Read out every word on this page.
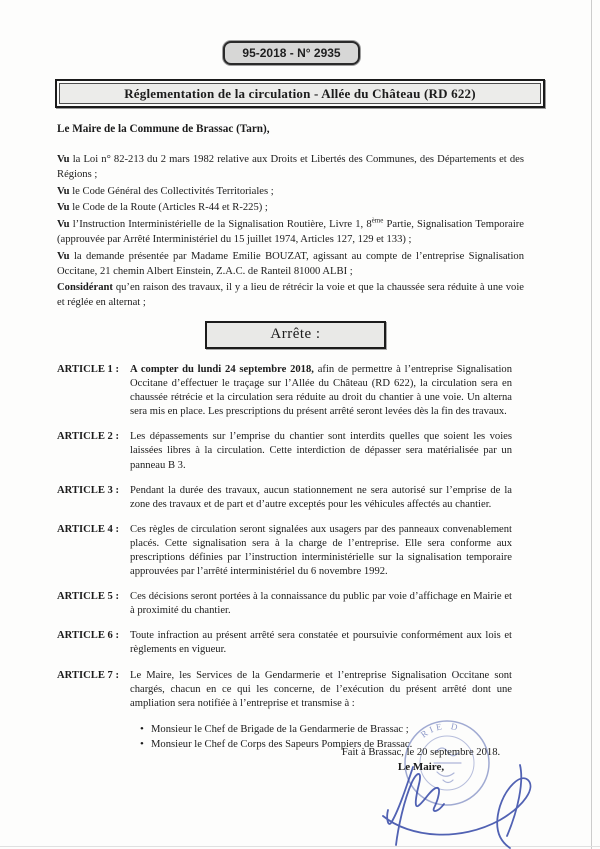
95-2018 - N° 2935
Réglementation de la circulation - Allée du Château (RD 622)

Le Maire de la Commune de Brassac (Tarn),

Vu la Loi n° 82-213 du 2 mars 1982 relative aux Droits et Libertés des Communes, des Départements et des Régions ;

Vu le Code Général des Collectivités Territoriales ;

Vu le Code de la Route (Articles R-44 et R-225) ;

Vu l’Instruction Interministérielle de la Signalisation Routière, Livre 1, 8ème Partie, Signalisation Temporaire (approuvée par Arrêté Interministériel du 15 juillet 1974, Articles 127, 129 et 133) ;

Vu la demande présentée par Madame Emilie BOUZAT, agissant au compte de l’entreprise Signalisation Occitane, 21 chemin Albert Einstein, Z.A.C. de Ranteil 81000 ALBI ;

Considérant qu’en raison des travaux, il y a lieu de rétrécir la voie et que la chaussée sera réduite à une voie et réglée en alternat ;

Arrête :
ARTICLE 1 :	A compter du lundi 24 septembre 2018, afin de permettre à l’entreprise Signalisation Occitane d’effectuer le traçage sur l’Allée du Château (RD 622), la circulation sera en chaussée rétrécie et la circulation sera réduite au droit du chantier à une voie. Un alterna sera mis en place. Les prescriptions du présent arrêté seront levées dès la fin des travaux.

ARTICLE 2 :	Les dépassements sur l’emprise du chantier sont interdits quelles que soient les voies laissées libres à la circulation. Cette interdiction de dépasser sera matérialisée par un panneau B 3.

ARTICLE 3 :	Pendant la durée des travaux, aucun stationnement ne sera autorisé sur l’emprise de la zone des travaux et de part et d’autre exceptés pour les véhicules affectés au chantier.

ARTICLE 4 :	Ces règles de circulation seront signalées aux usagers par des panneaux convenablement placés. Cette signalisation sera à la charge de l’entreprise. Elle sera conforme aux prescriptions définies par l’instruction interministérielle sur la signalisation temporaire approuvées par l’arrêté interministériel du 6 novembre 1992.

ARTICLE 5 :	Ces décisions seront portées à la connaissance du public par voie d’affichage en Mairie et à proximité du chantier.

ARTICLE 6 :	Toute infraction au présent arrêté sera constatée et poursuivie conformément aux lois et règlements en vigueur.

ARTICLE 7 :	Le Maire, les Services de la Gendarmerie et l’entreprise Signalisation Occitane sont chargés, chacun en ce qui les concerne, de l’exécution du présent arrêté dont une ampliation sera notifiée à l’entreprise et transmise à :

• Monsieur le Chef de Brigade de la Gendarmerie de Brassac ;
• Monsieur le Chef de Corps des Sapeurs Pompiers de Brassac.
RIE D
Fait à Brassac, le 20 septembre 2018.
Le Maire,
